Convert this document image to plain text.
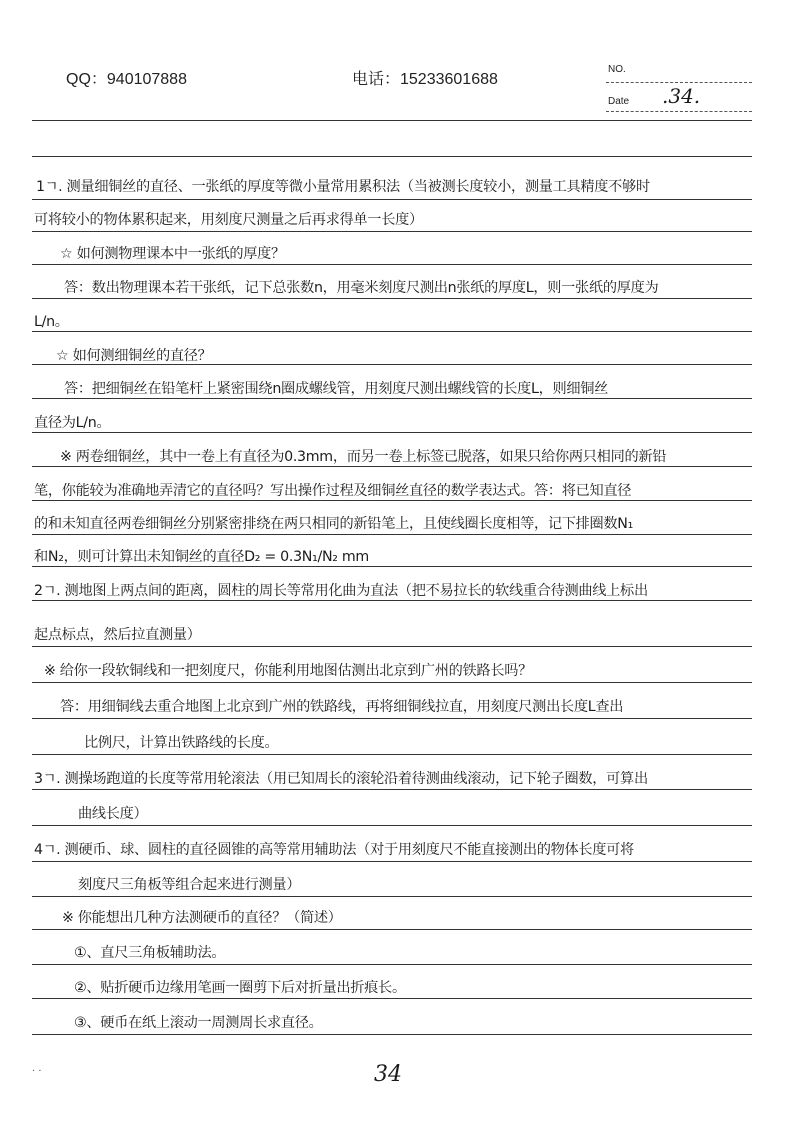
QQ：940107888	电话：15233601688
NO.
.34.
Date
1ㄱ. 测量细铜丝的直径、一张纸的厚度等微小量常用累积法（当被测长度较小，测量工具精度不够时
可将较小的物体累积起来，用刻度尺测量之后再求得单一长度）
☆ 如何测物理课本中一张纸的厚度？
答：数出物理课本若干张纸，记下总张数n，用毫米刻度尺测出n张纸的厚度L，则一张纸的厚度为
L/n。
☆ 如何测细铜丝的直径？
答：把细铜丝在铅笔杆上紧密围绕n圈成螺线管，用刻度尺测出螺线管的长度L，则细铜丝
直径为L/n。
※ 两卷细铜丝，其中一卷上有直径为0.3mm，而另一卷上标签已脱落，如果只给你两只相同的新铅
笔，你能较为准确地弄清它的直径吗？写出操作过程及细铜丝直径的数学表达式。答：将已知直径
的和未知直径两卷细铜丝分别紧密排绕在两只相同的新铅笔上，且使线圈长度相等，记下排圈数N₁
和N₂，则可计算出未知铜丝的直径D₂ = 0.3N₁/N₂ mm
2ㄱ. 测地图上两点间的距离，圆柱的周长等常用化曲为直法（把不易拉长的软线重合待测曲线上标出
起点标点，然后拉直测量）
※ 给你一段软铜线和一把刻度尺，你能利用地图估测出北京到广州的铁路长吗？
答：用细铜线去重合地图上北京到广州的铁路线，再将细铜线拉直，用刻度尺测出长度L查出
比例尺，计算出铁路线的长度。
3ㄱ. 测操场跑道的长度等常用轮滚法（用已知周长的滚轮沿着待测曲线滚动，记下轮子圈数，可算出
曲线长度）
4ㄱ. 测硬币、球、圆柱的直径圆锥的高等常用辅助法（对于用刻度尺不能直接测出的物体长度可将
刻度尺三角板等组合起来进行测量）
※ 你能想出几种方法测硬币的直径？（简述）
①、直尺三角板辅助法。
②、贴折硬币边缘用笔画一圈剪下后对折量出折痕长。
③、硬币在纸上滚动一周测周长求直径。
· ·	34
